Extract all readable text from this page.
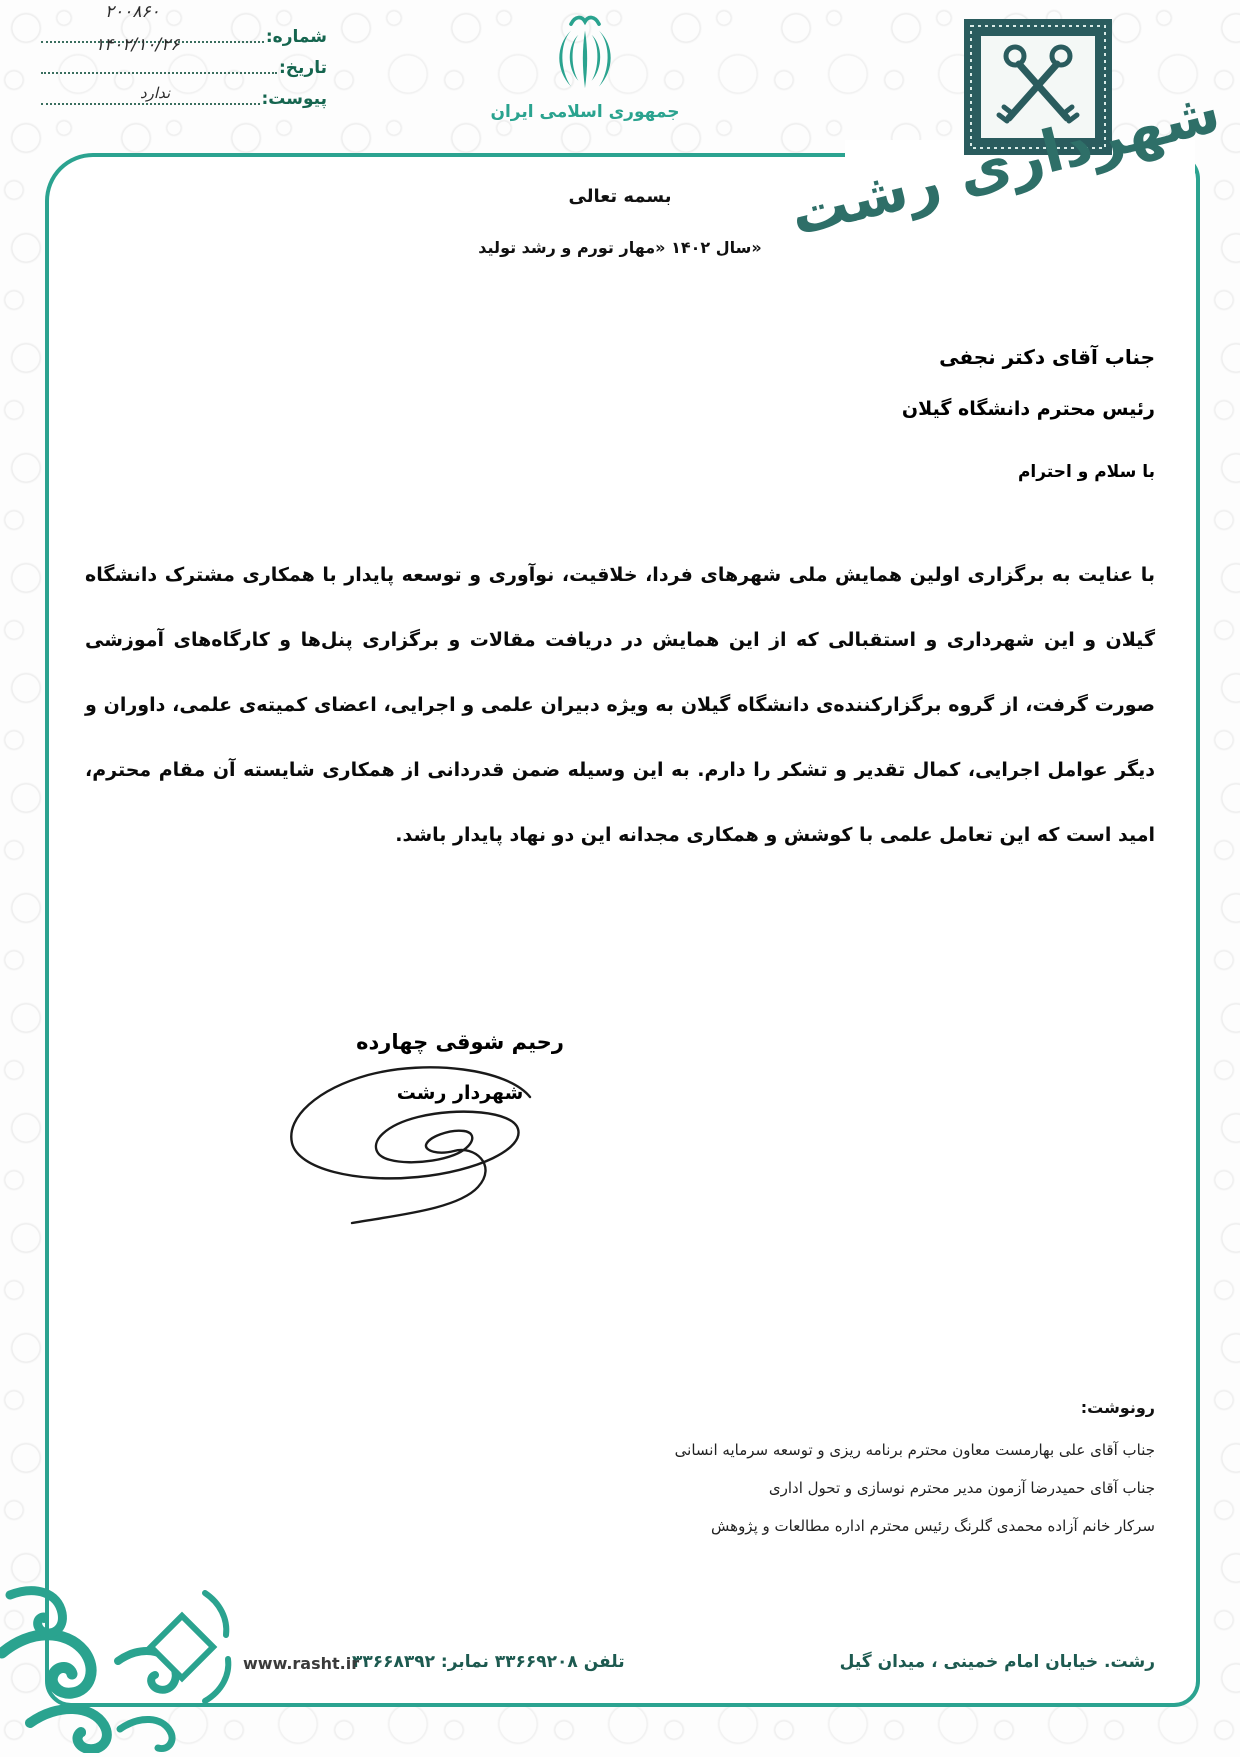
شماره:
۲۰۰۸۶۰
تاریخ:
۱۴۰۲/۱۰/۲۶
پیوست:
ندارد
جمهوری اسلامی ایران	شهرداری رشت
بسمه تعالی
سال ۱۴۰۲ «مهار تورم و رشد تولید»
جناب آقای دکتر نجفی
رئیس محترم دانشگاه گیلان
با سلام و احترام
با عنایت به برگزاری اولین همایش ملی شهرهای فردا، خلاقیت، نوآوری و توسعه پایدار با همکاری مشترک دانشگاه گیلان و این شهرداری و استقبالی که از این همایش در دریافت مقالات و برگزاری پنل‌ها و کارگاه‌های آموزشی صورت گرفت، از گروه برگزارکننده‌ی دانشگاه گیلان به ویژه دبیران علمی و اجرایی، اعضای کمیته‌ی علمی، داوران و دیگر عوامل اجرایی، کمال تقدیر و تشکر را دارم. به این وسیله ضمن قدردانی از همکاری شایسته آن مقام محترم، امید است که این تعامل علمی با کوشش و همکاری مجدانه این دو نهاد پایدار باشد.
رحیم شوقی چهارده
شهردار رشت
رونوشت:
جناب آقای علی بهارمست معاون محترم برنامه ریزی و توسعه سرمایه انسانی
جناب آقای حمیدرضا آزمون مدیر محترم نوسازی و تحول اداری
سرکار خانم آزاده محمدی گلرنگ رئیس محترم اداره مطالعات و پژوهش
رشت. خیابان امام خمینی ، میدان گیل
تلفن ۳۳۶۶۹۲۰۸ نمابر: ۳۳۶۶۸۳۹۲
www.rasht.ir
